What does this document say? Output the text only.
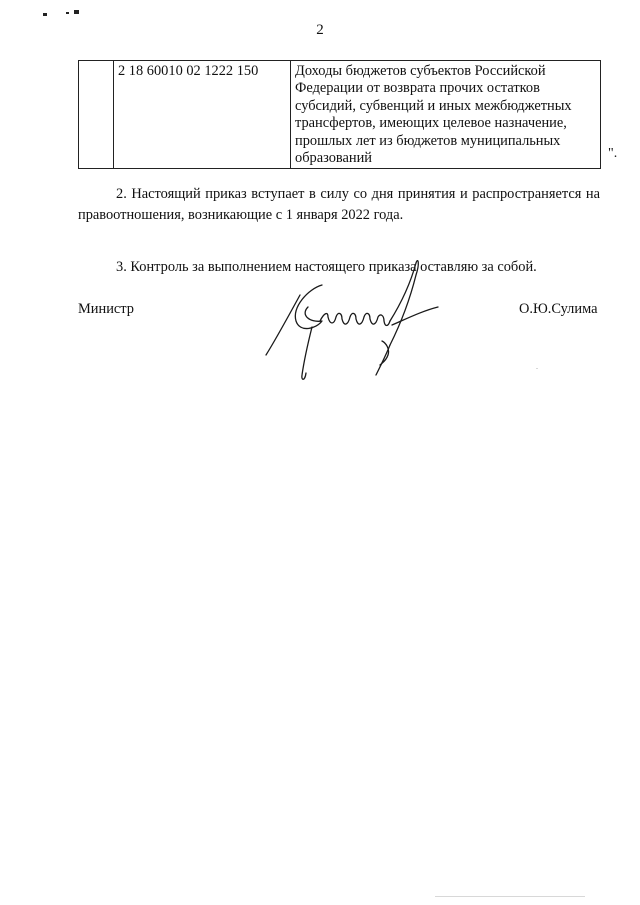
2
	2 18 60010 02 1222 150	Доходы бюджетов субъектов Российской Федерации от возврата прочих остатков субсидий, субвенций и иных межбюджетных трансфертов, имеющих целевое назначение, прошлых лет из бюджетов муниципальных образований	".

2. Настоящий приказ вступает в силу со дня принятия и распространяется на правоотношения, возникающие с 1 января 2022 года.

3. Контроль за выполнением настоящего приказа оставляю за собой.

Министр	О.Ю.Сулима
